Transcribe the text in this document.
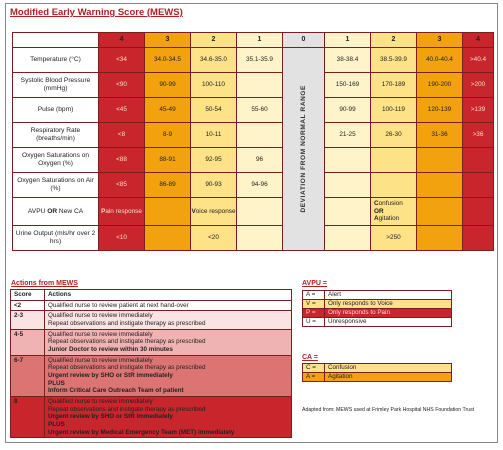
Modified Early Warning Score (MEWS)
	4	3	2	1	0	1	2	3	4
Temperature (°C)	<34	34.0-34.5	34.6-35.0	35.1-35.9	DEVIATION FROM NORMAL RANGE	38-38.4	38.5-39.9	40.0-40.4	>40.4
Systolic Blood Pressure (mmHg)	<90	90-99	100-110			150-169	170-189	190-200	>200
Pulse (bpm)	<45	45-49	50-54	55-60		90-99	100-119	120-139	>139
Respiratory Rate (breaths/min)	<8	8-9	10-11			21-25	26-30	31-36	>36
Oxygen Saturations on Oxygen (%)	<88	88-91	92-95	96					
Oxygen Saturations on Air (%)	<85	86-89	90-93	94-96					
AVPU OR New CA	Pain response		Voice response				Confusion
OR
Agitation		
Urine Output (mls/hr over 2 hrs)	<10		<20				>250		
Actions from MEWS
Score	Actions
<2	Qualified nurse to review patient at next hand-over

2-3	Qualified nurse to review immediately
Repeat observations and instigate therapy as prescribed

4-5	Qualified nurse to review immediately
Repeat observations and instigate therapy as prescribed
Junior Doctor to review within 30 minutes

6-7	Qualified nurse to review immediately
Repeat observations and instigate therapy as prescribed
Urgent review by SHO or StR immediately
PLUS
Inform Critical Care Outreach Team of patient

8	Qualified nurse to review immediately
Repeat observations and instigate therapy as prescribed
Urgent review by SHO or StR immediately
PLUS
Urgent review by Medical Emergency Team (MET) immediately
AVPU =
A =	Alert
V =	Only responds to Voice
P =	Only responds to Pain
U =	Unresponsive
CA =
C =	Confusion
A =	Agitation
Adapted from: MEWS used at Frimley Park Hospital NHS Foundation Trust
